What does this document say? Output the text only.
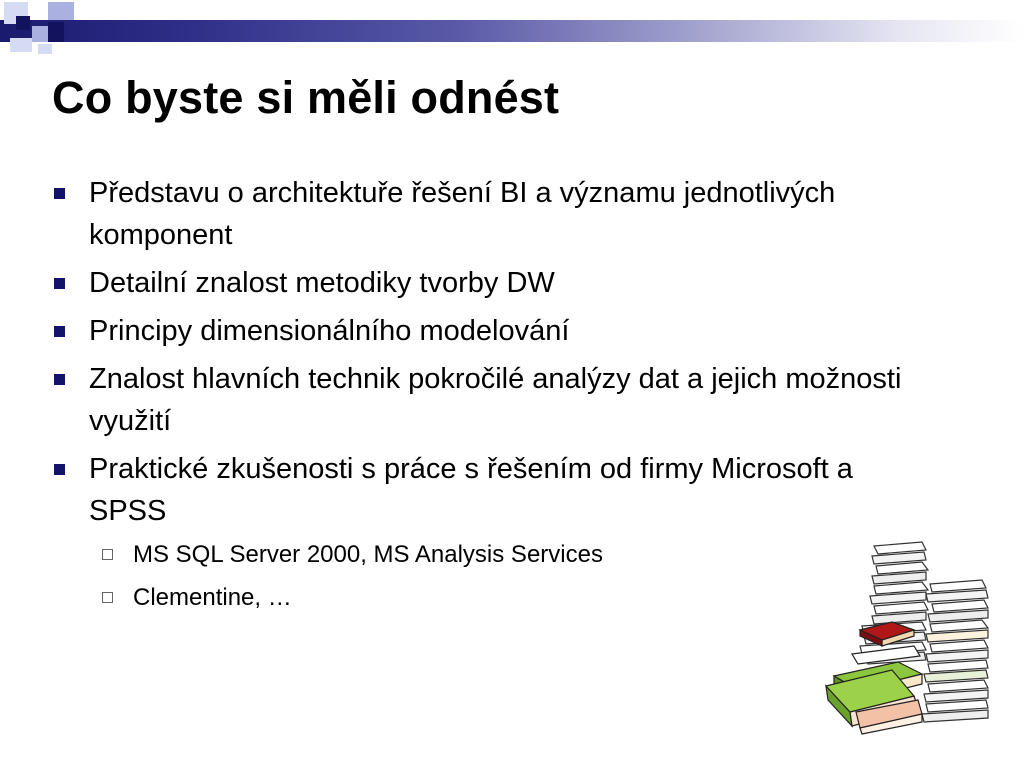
Co byste si měli odnést
Představu o architektuře řešení BI a významu jednotlivých komponent
Detailní znalost metodiky tvorby DW
Principy dimensionálního modelování
Znalost hlavních technik pokročilé analýzy dat a jejich možnosti využití
Praktické zkušenosti s práce s řešením od firmy Microsoft a SPSS
MS SQL Server 2000, MS Analysis Services
Clementine, …
